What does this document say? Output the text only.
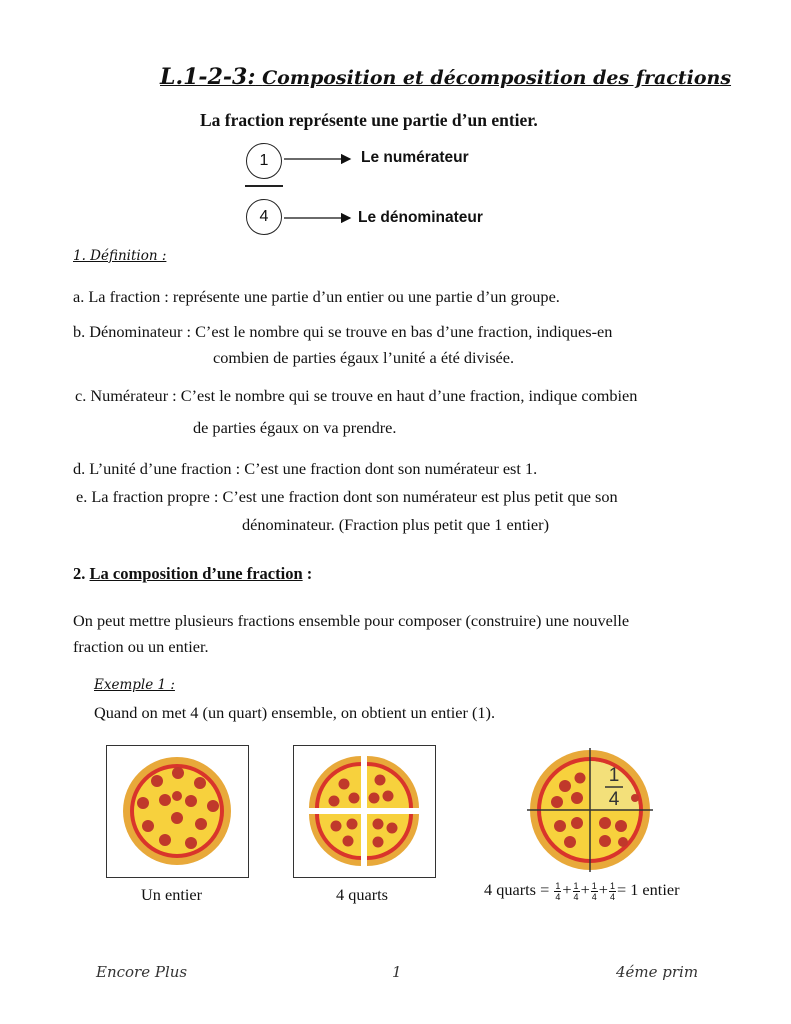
L.1-2-3: Composition et décomposition des fractions
La fraction représente une partie d’un entier.
1
4
Le numérateur
Le dénominateur
1. Définition :
a. La fraction : représente une partie d’un entier ou une partie d’un groupe.
b. Dénominateur : C’est le nombre qui se trouve en bas d’une fraction, indiques-en
combien de parties égaux l’unité a été divisée.
c. Numérateur : C’est le nombre qui se trouve en haut d’une fraction, indique combien
de parties égaux on va prendre.
d. L’unité d’une fraction : C’est une fraction dont son numérateur est 1.
e. La fraction propre : C’est une fraction dont son numérateur est plus petit que son
dénominateur. (Fraction plus petit que 1 entier)
2. La composition d’une fraction :
On peut mettre plusieurs fractions ensemble pour composer (construire) une nouvelle
fraction ou un entier.
Exemple 1 :
Quand on met 4 (un quart) ensemble, on obtient un entier (1).
1
4
Un entier	4 quarts	4 quarts = $\frac{1}{4} + \frac{1}{4} + \frac{1}{4} + \frac{1}{4} = 1$ entier
Encore Plus	1	4éme prim
